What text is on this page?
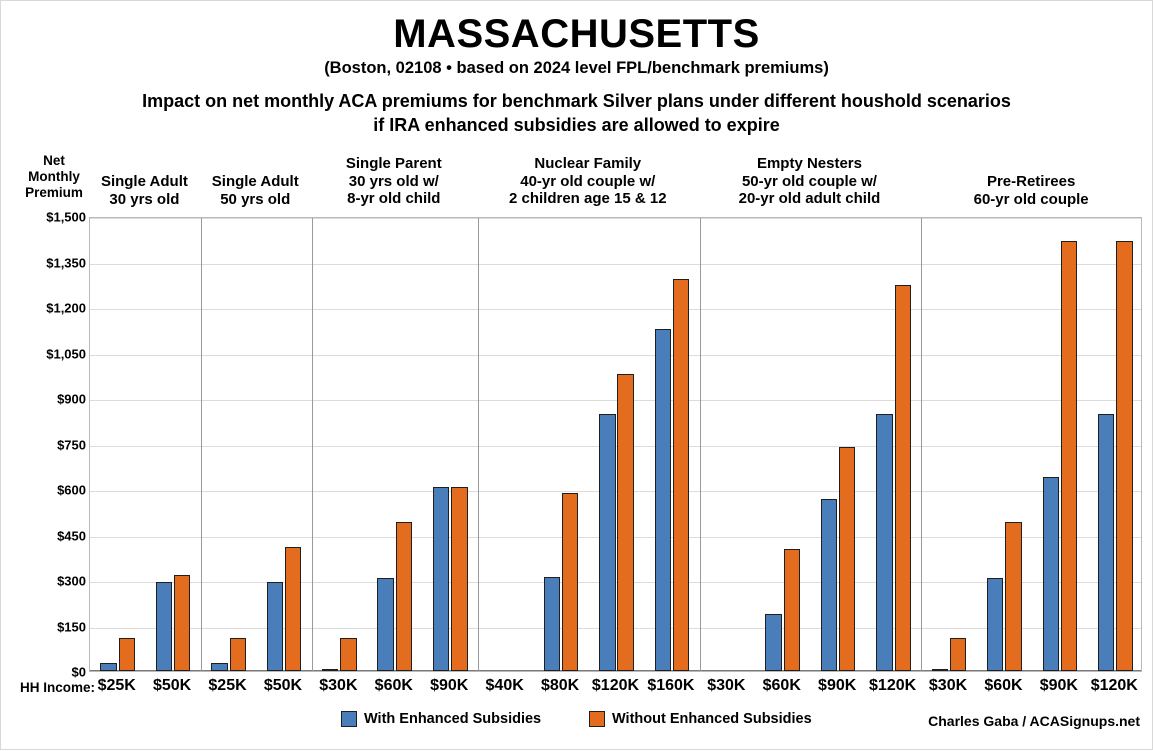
MASSACHUSETTS
(Boston, 02108 • based on 2024 level FPL/benchmark premiums)
Impact on net monthly ACA premiums for benchmark Silver plans under different houshold scenarios
if IRA enhanced subsidies are allowed to expire
Net
Monthly
Premium
Single Adult
30 yrs old
Single Adult
50 yrs old
Single Parent
30 yrs old w/
8-yr old child
Nuclear Family
40-yr old couple w/
2 children age 15 & 12
Empty Nesters
50-yr old couple w/
20-yr old adult child
Pre-Retirees
60-yr old couple
HH Income: $25K	$50K	$25K	$50K	$30K	$60K	$90K	$40K	$80K $120K $160K $30K	$60K	$90K $120K $30K	$60K	$90K $120K
With Enhanced Subsidies	Without Enhanced Subsidies	Charles Gaba / ACASignups.net
$0
$150
$300
$450
$600
$750
$900
$1,050
$1,200
$1,350
$1,500
